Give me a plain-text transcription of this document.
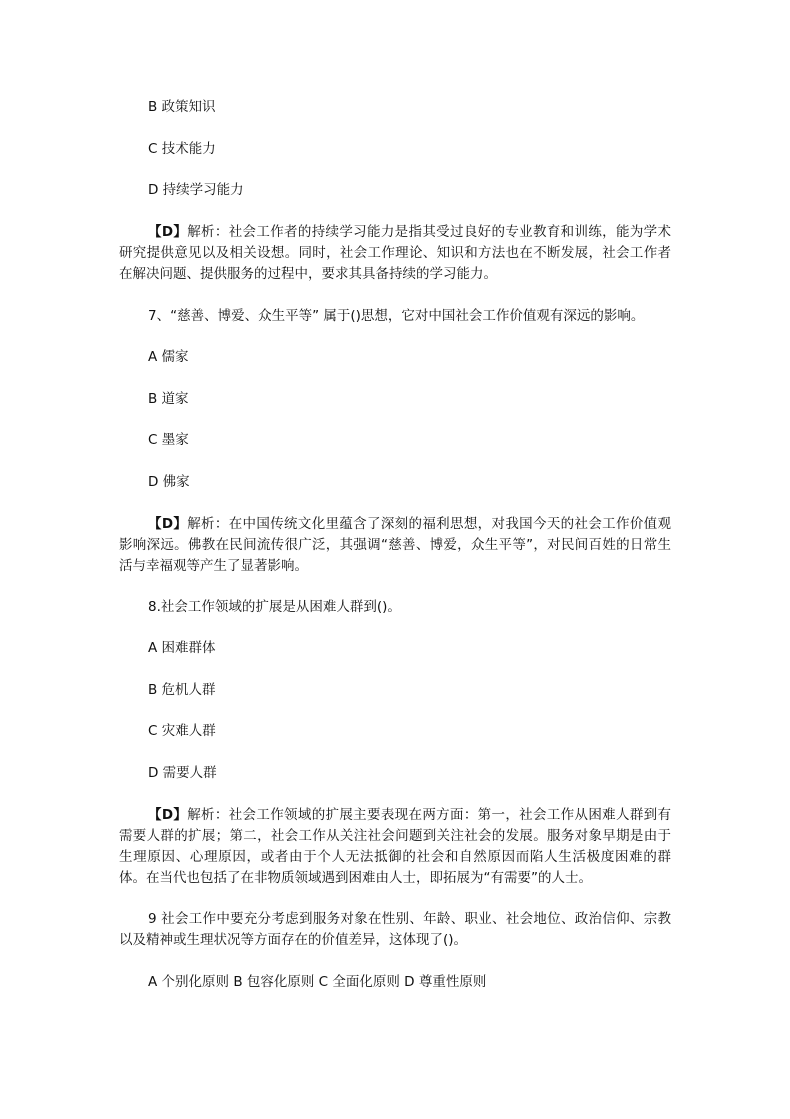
B 政策知识
C 技术能力
D 持续学习能力
【D】解析：社会工作者的持续学习能力是指其受过良好的专业教育和训练，能为学术研究提供意见以及相关设想。同时，社会工作理论、知识和方法也在不断发展，社会工作者在解决问题、提供服务的过程中，要求其具备持续的学习能力。
7、“慈善、博爱、众生平等” 属于()思想，它对中国社会工作价值观有深远的影响。
A 儒家
B 道家
C 墨家
D 佛家
【D】解析：在中国传统文化里蕴含了深刻的福利思想，对我国今天的社会工作价值观影响深远。佛教在民间流传很广泛，其强调“慈善、博爱，众生平等”，对民间百姓的日常生活与幸福观等产生了显著影响。
8.社会工作领域的扩展是从困难人群到()。
A 困难群体
B 危机人群
C 灾难人群
D 需要人群
【D】解析：社会工作领域的扩展主要表现在两方面：第一，社会工作从困难人群到有需要人群的扩展；第二，社会工作从关注社会问题到关注社会的发展。服务对象早期是由于生理原因、心理原因，或者由于个人无法抵御的社会和自然原因而陷人生活极度困难的群体。在当代也包括了在非物质领域遇到困难由人士，即拓展为“有需要”的人士。
9 社会工作中要充分考虑到服务对象在性别、年龄、职业、社会地位、政治信仰、宗教以及精神或生理状况等方面存在的价值差异，这体现了()。
A 个别化原则 B 包容化原则 C 全面化原则 D 尊重性原则
